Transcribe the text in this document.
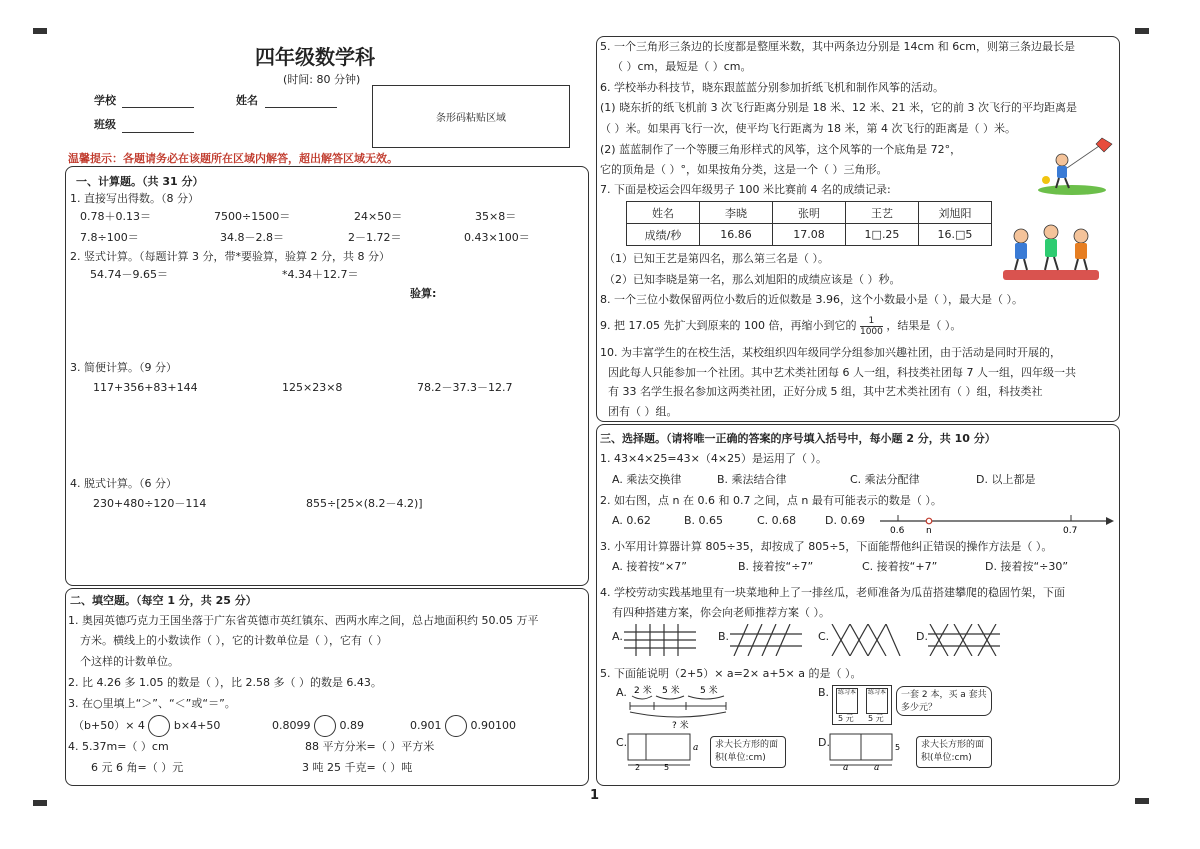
四年级数学科
(时间: 80 分钟)
学校	姓名
班级	条形码粘贴区域
温馨提示：各题请务必在该题所在区域内解答，超出解答区域无效。
一、计算题。（共 31 分）
1. 直接写出得数。（8 分）
0.78＋0.13＝	7500÷1500＝	24×50＝	35×8＝
7.8÷100＝	34.8－2.8＝	2－1.72＝	0.43×100＝
2. 竖式计算。（每题计算 3 分，带*要验算，验算 2 分，共 8 分）
54.74－9.65＝	*4.34＋12.7＝
验算:
3. 简便计算。（9 分）
117+356+83+144	125×23×8	78.2－37.3－12.7
4. 脱式计算。（6 分）
230+480÷120－114	855÷[25×(8.2－4.2)]
二、填空题。（每空 1 分，共 25 分）
1. 奥园英德巧克力王国坐落于广东省英德市英红镇东、西两水库之间，总占地面积约 50.05 万平
方米。横线上的小数读作（ ），它的计数单位是（ ），它有（ ）
个这样的计数单位。
2. 比 4.26 多 1.05 的数是（ ），比 2.58 多（ ）的数是 6.43。
3. 在○里填上“＞”、“＜”或“＝”。
（b+50）× 4	b×4+50	0.8099	0.89	0.901	0.90100
4. 5.37m=（ ）cm	88 平方分米=（ ）平方米
6 元 6 角=（ ）元	3 吨 25 千克=（ ）吨
5. 一个三角形三条边的长度都是整厘米数，其中两条边分别是 14cm 和 6cm，则第三条边最长是
（ ）cm，最短是（ ）cm。
6. 学校举办科技节，晓东跟蓝蓝分别参加折纸飞机和制作风筝的活动。
(1) 晓东折的纸飞机前 3 次飞行距离分别是 18 米、12 米、21 米，它的前 3 次飞行的平均距离是
（ ）米。如果再飞行一次，使平均飞行距离为 18 米，第 4 次飞行的距离是（ ）米。
(2) 蓝蓝制作了一个等腰三角形样式的风筝，这个风筝的一个底角是 72°，
它的顶角是（ ）°，如果按角分类，这是一个（ ）三角形。
7. 下面是校运会四年级男子 100 米比赛前 4 名的成绩记录:
姓名	李晓	张明	王艺	刘旭阳
成绩/秒	16.86	17.08	1□.25	16.□5
（1）已知王艺是第四名，那么第三名是（ ）。
（2）已知李晓是第一名，那么刘旭阳的成绩应该是（ ）秒。
8. 一个三位小数保留两位小数后的近似数是 3.96，这个小数最小是（ ），最大是（ ）。
9. 把 17.05 先扩大到原来的 100 倍，再缩小到它的 $\frac{1}{1000}$ ，结果是（ ）。
10. 为丰富学生的在校生活，某校组织四年级同学分组参加兴趣社团，由于活动是同时开展的，
因此每人只能参加一个社团。其中艺术类社团每 6 人一组，科技类社团每 7 人一组，四年级一共
有 33 名学生报名参加这两类社团，正好分成 5 组，其中艺术类社团有（ ）组，科技类社
团有（ ）组。
三、选择题。（请将唯一正确的答案的序号填入括号中，每小题 2 分，共 10 分）
1. 43×4×25=43×（4×25）是运用了（ ）。
A. 乘法交换律	B. 乘法结合律	C. 乘法分配律	D. 以上都是
2. 如右图，点 n 在 0.6 和 0.7 之间，点 n 最有可能表示的数是（ ）。
A. 0.62	B. 0.65	C. 0.68	D. 0.69
0.6 n	0.7
3. 小军用计算器计算 805÷35，却按成了 805÷5，下面能帮他纠正错误的操作方法是（ ）。
A. 接着按“×7”	B. 接着按“÷7”	C. 接着按“+7”	D. 接着按“÷30”
4. 学校劳动实践基地里有一块菜地种上了一排丝瓜，老师准备为瓜苗搭建攀爬的稳固竹架，下面
有四种搭建方案，你会向老师推荐方案（ ）。
A.	B.	C.	D.
5. 下面能说明（2+5）× a=2× a+5× a 的是（ ）。
A. 2 米 5 米 5 米
? 米
B.	练习本	练习本
5 元 5 元
一套 2 本，买 a 套共多少元？
C.
2	5
a	求大长方形的面积(单位:cm)
D.
a	a
5	求大长方形的面积(单位:cm)
1
